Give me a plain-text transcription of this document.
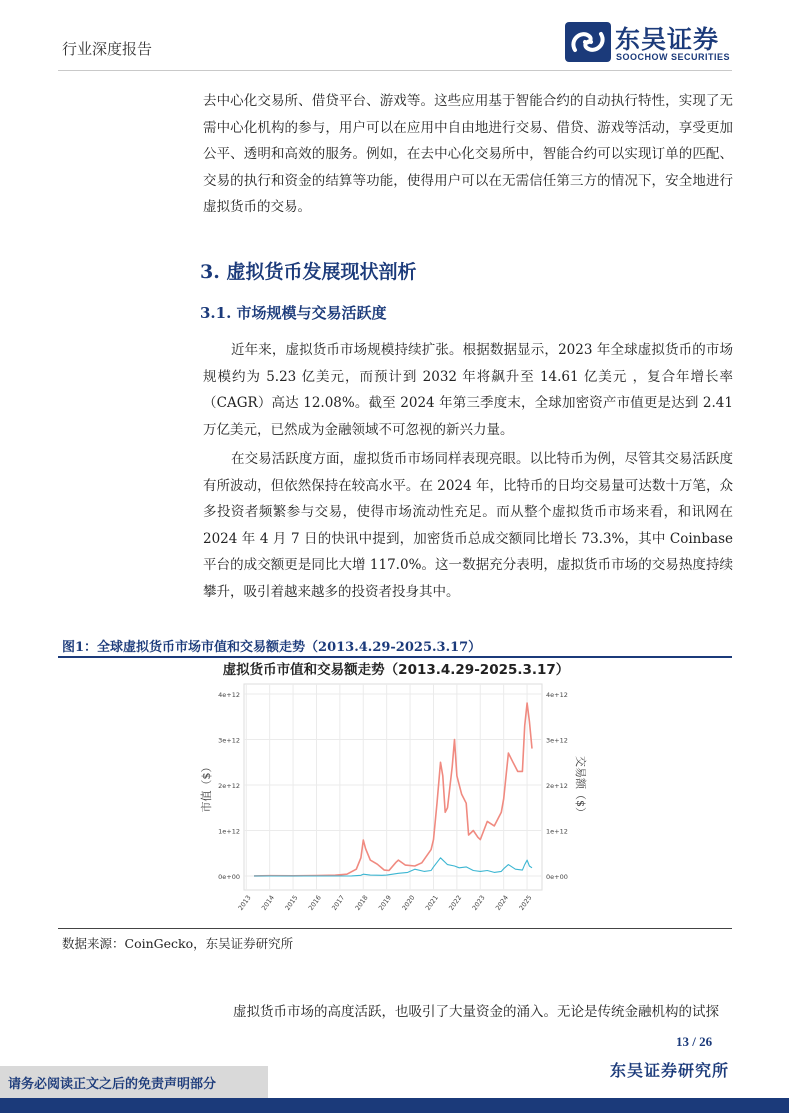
行业深度报告	东吴证券
SOOCHOW SECURITIES

去中心化交易所、借贷平台、游戏等。这些应用基于智能合约的自动执行特性，实现了无需中心化机构的参与，用户可以在应用中自由地进行交易、借贷、游戏等活动，享受更加公平、透明和高效的服务。例如，在去中心化交易所中，智能合约可以实现订单的匹配、交易的执行和资金的结算等功能，使得用户可以在无需信任第三方的情况下，安全地进行虚拟货币的交易。

3. 虚拟货币发展现状剖析
3.1. 市场规模与交易活跃度

近年来，虚拟货币市场规模持续扩张。根据数据显示，2023 年全球虚拟货币的市场规模约为 5.23 亿美元，而预计到 2032 年将飙升至 14.61 亿美元 ，复合年增长率（CAGR）高达 12.08%。截至 2024 年第三季度末，全球加密资产市值更是达到 2.41 万亿美元，已然成为金融领域不可忽视的新兴力量。

在交易活跃度方面，虚拟货币市场同样表现亮眼。以比特币为例，尽管其交易活跃度有所波动，但依然保持在较高水平。在 2024 年，比特币的日均交易量可达数十万笔，众多投资者频繁参与交易，使得市场流动性充足。而从整个虚拟货币市场来看，和讯网在 2024 年 4 月 7 日的快讯中提到，加密货币总成交额同比增长 73.3%，其中 Coinbase 平台的成交额更是同比大增 117.0%。这一数据充分表明，虚拟货币市场的交易热度持续攀升，吸引着越来越多的投资者投身其中。

图1：全球虚拟货币市场市值和交易额走势（2013.4.29-2025.3.17）
虚拟货币市值和交易额走势（2013.4.29-2025.3.17）
0e+00
1e+12
2e+12
3e+12
4e+12
0e+00
1e+12
2e+12
3e+12
4e+12
2013 2014 2015 2016 2017 2018 2019 2020 2021 2022 2023 2024 2025
市值（$）	交易额（$）
数据来源：CoinGecko，东吴证券研究所

虚拟货币市场的高度活跃，也吸引了大量资金的涌入。无论是传统金融机构的试探

13 / 26
东吴证券研究所
请务必阅读正文之后的免责声明部分
